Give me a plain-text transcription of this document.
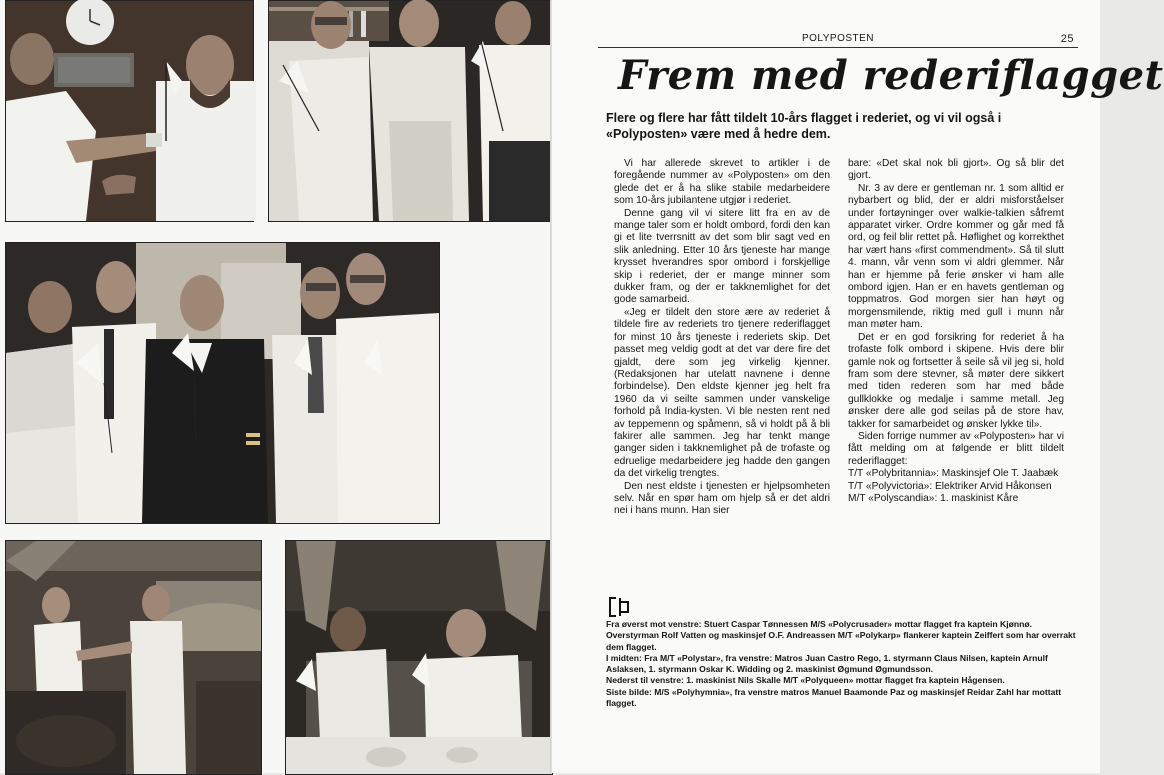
POLYPOSTEN	25
Frem med rederiflagget
Flere og flere har fått tildelt 10-års flagget i rederiet, og vi vil også i «Polyposten» være med å hedre dem.

Vi har allerede skrevet to artikler i de foregående nummer av «Polyposten» om den glede det er å ha slike stabile medarbeidere som 10-års jubilantene utgjør i rederiet.

Denne gang vil vi sitere litt fra en av de mange taler som er holdt ombord, fordi den kan gi et lite tverrsnitt av det som blir sagt ved en slik anledning. Etter 10 års tjeneste har mange krysset hverandres spor ombord i forskjellige skip i rederiet, der er mange minner som dukker fram, og der er takknemlighet for det gode samarbeid.

«Jeg er tildelt den store ære av rederiet å tildele fire av rederiets tro tjenere rederiflagget for minst 10 års tjeneste i rederiets skip. Det passet meg veldig godt at det var dere fire det gjaldt, dere som jeg virkelig kjenner. (Redaksjonen har utelatt navnene i denne forbindelse). Den eldste kjenner jeg helt fra 1960 da vi seilte sammen under vanskelige forhold på India-kysten. Vi ble nesten rent ned av teppemenn og spåmenn, så vi holdt på å bli fakirer alle sammen. Jeg har tenkt mange ganger siden i takknemlighet på de trofaste og edruelige medarbeidere jeg hadde den gangen da det virkelig trengtes.

Den nest eldste i tjenesten er hjelpsomheten selv. Når en spør ham om hjelp så er det aldri nei i hans munn. Han sier

bare: «Det skal nok bli gjort». Og så blir det gjort.

Nr. 3 av dere er gentleman nr. 1 som alltid er nybarbert og blid, der er aldri misforståelser under fortøyninger over walkie-talkien såfremt apparatet virker. Ordre kommer og går med få ord, og feil blir rettet på. Høflighet og korrekthet har vært hans «first commendment». Så til slutt 4. mann, vår venn som vi aldri glemmer. Når han er hjemme på ferie ønsker vi ham alle ombord igjen. Han er en havets gentleman og toppmatros. God morgen sier han høyt og morgensmilende, riktig med gull i munn når man møter ham.

Det er en god forsikring for rederiet å ha trofaste folk ombord i skipene. Hvis dere blir gamle nok og fortsetter å seile så vil jeg si, hold fram som dere stevner, så møter dere sikkert med tiden rederen som har med både gullklokke og medalje i samme metall. Jeg ønsker dere alle god seilas på de store hav, takker for samarbeidet og ønsker lykke til».

Siden forrige nummer av «Polyposten» har vi fått melding om at følgende er blitt tildelt rederiflagget:

T/T «Polybritannia»: Maskinsjef Ole T. Jaabæk

T/T «Polyvictoria»: Elektriker Arvid Håkonsen

M/T «Polyscandia»: 1. maskinist Kåre

Fra øverst mot venstre: Stuert Caspar Tønnessen M/S «Polycrusader» mottar flagget fra kaptein Kjønnø.

Overstyrman Rolf Vatten og maskinsjef O.F. Andreassen M/T «Polykarp» flankerer kaptein Zeiffert som har overrakt dem flagget.

I midten: Fra M/T «Polystar», fra venstre: Matros Juan Castro Rego, 1. styrmann Claus Nilsen, kaptein Arnulf Aslaksen, 1. styrmann Oskar K. Widding og 2. maskinist Øgmund Øgmundsson.

Nederst til venstre: 1. maskinist Nils Skalle M/T «Polyqueen» mottar flagget fra kaptein Hågensen.

Siste bilde: M/S «Polyhymnia», fra venstre matros Manuel Baamonde Paz og maskinsjef Reidar Zahl har mottatt flagget.
